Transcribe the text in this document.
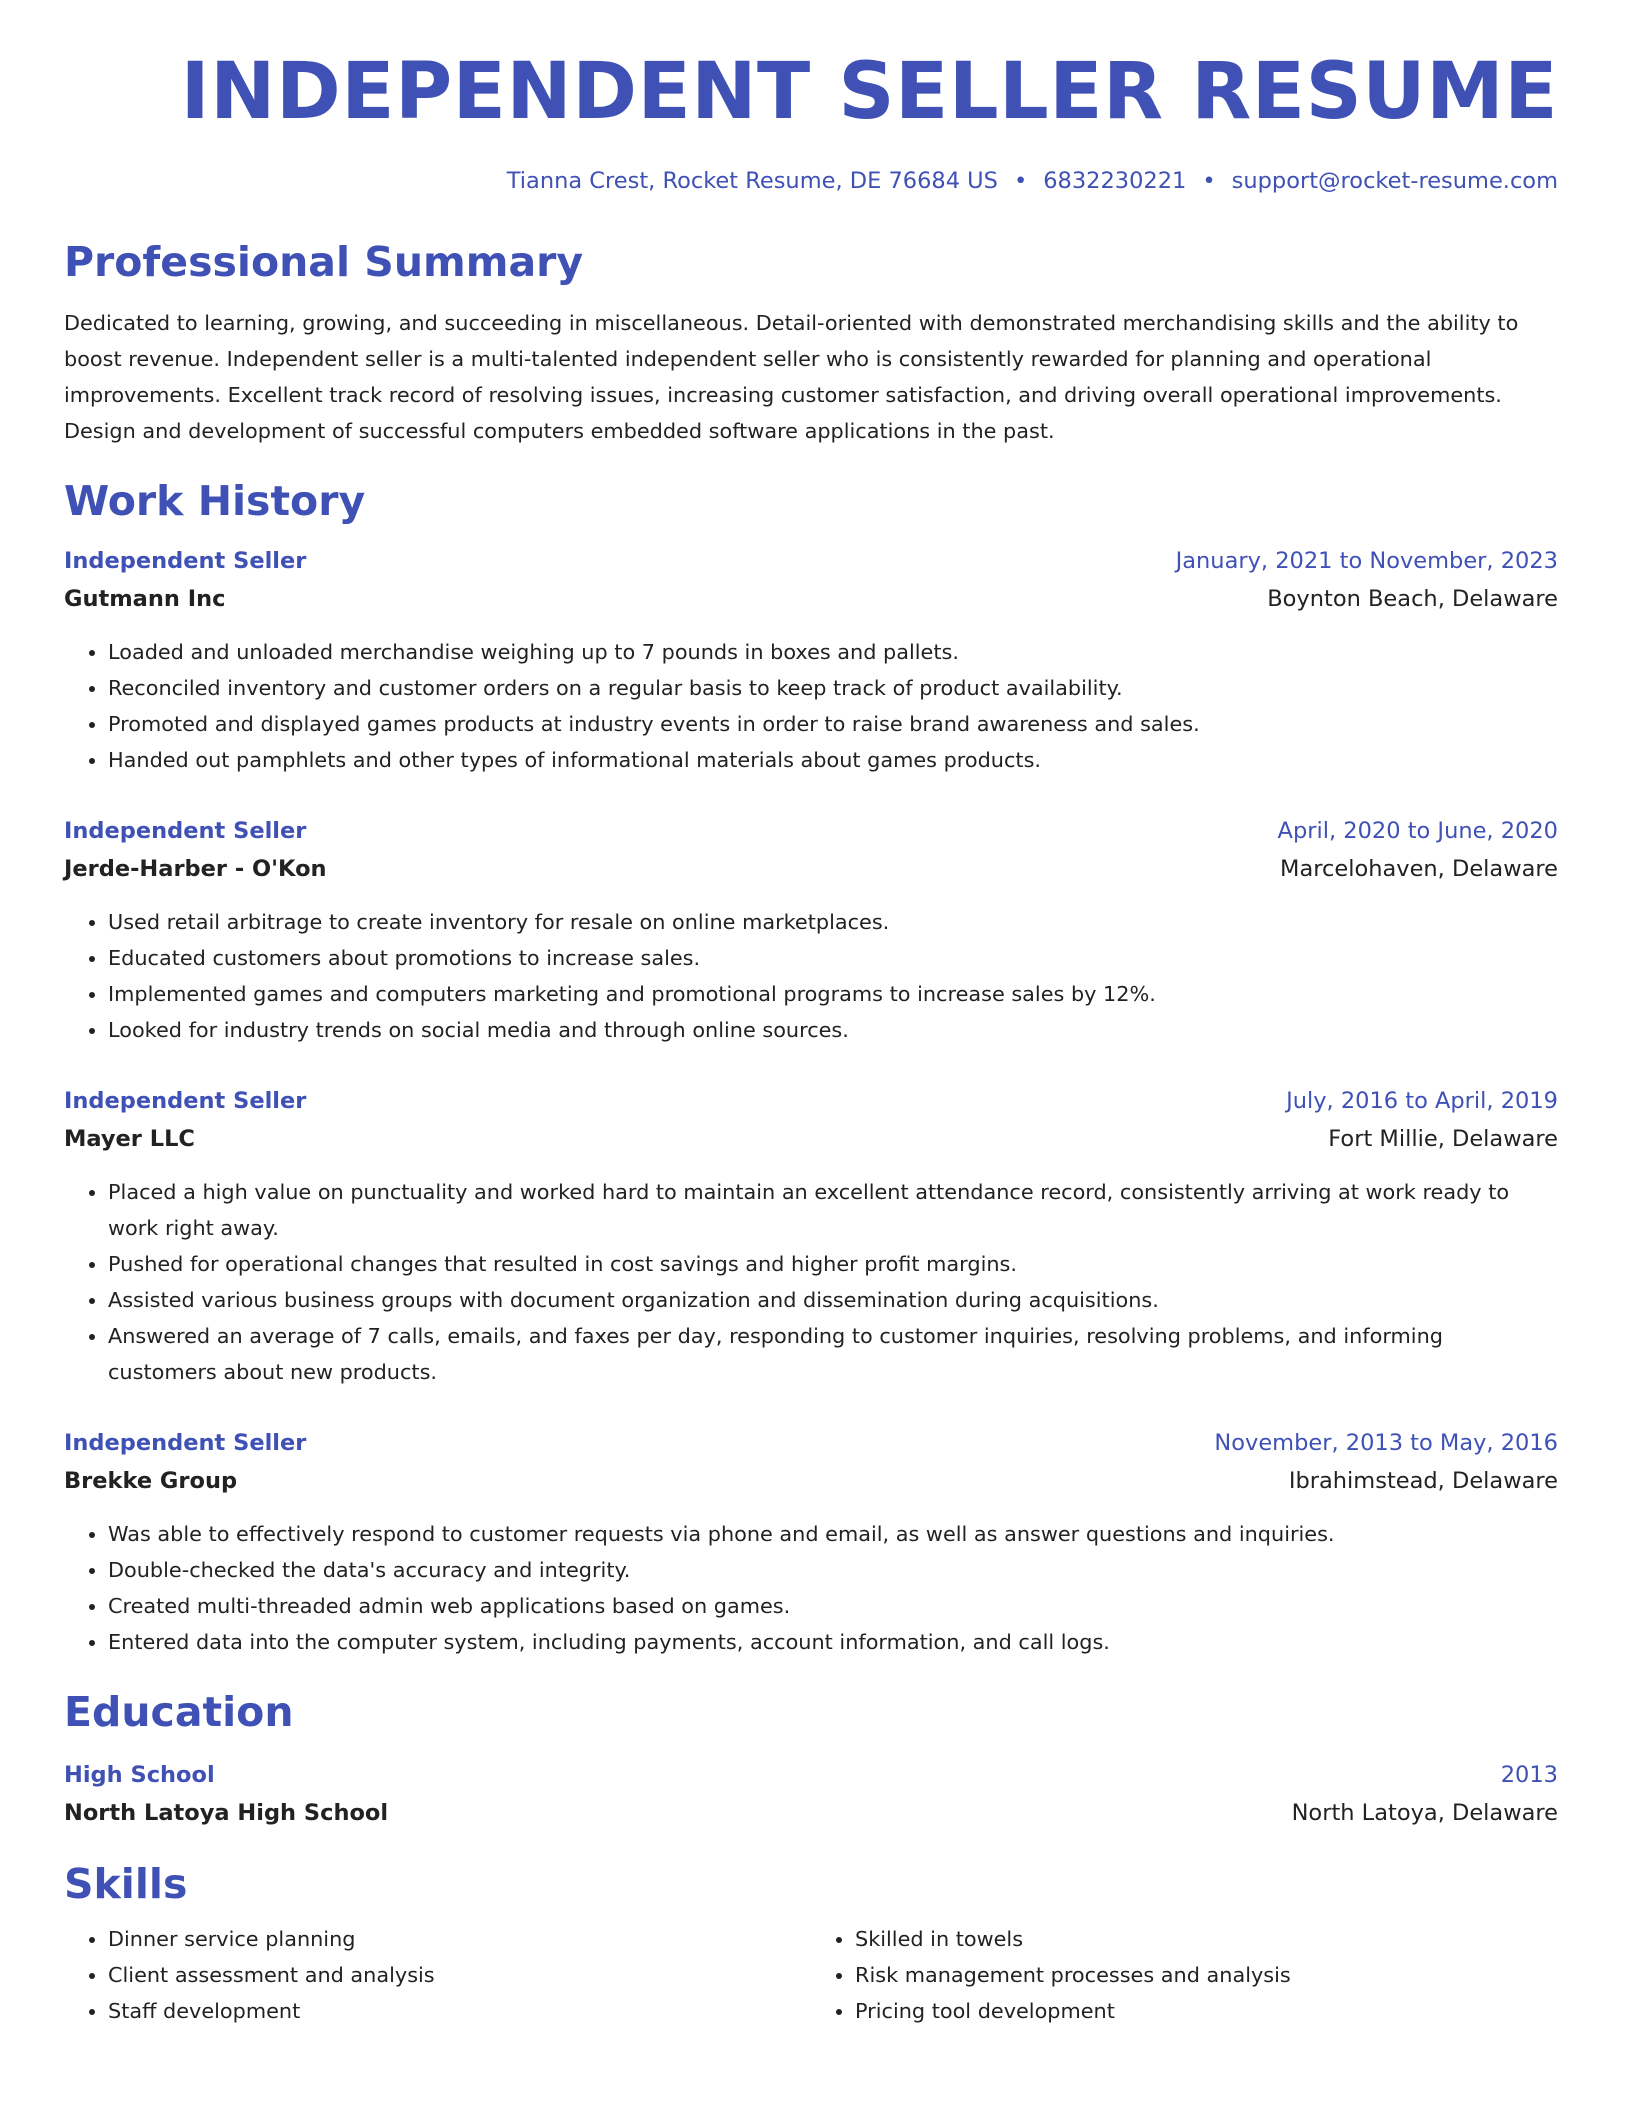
INDEPENDENT SELLER RESUME
Tianna Crest, Rocket Resume, DE 76684 US • 6832230221 • support@rocket-resume.com
Professional Summary
Dedicated to learning, growing, and succeeding in miscellaneous. Detail-oriented with demonstrated merchandising skills and the ability to boost revenue. Independent seller is a multi-talented independent seller who is consistently rewarded for planning and operational improvements. Excellent track record of resolving issues, increasing customer satisfaction, and driving overall operational improvements. Design and development of successful computers embedded software applications in the past.
Work History
Independent Seller	January, 2021 to November, 2023
Gutmann Inc	Boynton Beach, Delaware
• Loaded and unloaded merchandise weighing up to 7 pounds in boxes and pallets.
• Reconciled inventory and customer orders on a regular basis to keep track of product availability.
• Promoted and displayed games products at industry events in order to raise brand awareness and sales.
• Handed out pamphlets and other types of informational materials about games products.
Independent Seller	April, 2020 to June, 2020
Jerde-Harber - O'Kon	Marcelohaven, Delaware
• Used retail arbitrage to create inventory for resale on online marketplaces.
• Educated customers about promotions to increase sales.
• Implemented games and computers marketing and promotional programs to increase sales by 12%.
• Looked for industry trends on social media and through online sources.
Independent Seller	July, 2016 to April, 2019
Mayer LLC	Fort Millie, Delaware
• Placed a high value on punctuality and worked hard to maintain an excellent attendance record, consistently arriving at work ready to work right away.
• Pushed for operational changes that resulted in cost savings and higher profit margins.
• Assisted various business groups with document organization and dissemination during acquisitions.
• Answered an average of 7 calls, emails, and faxes per day, responding to customer inquiries, resolving problems, and informing customers about new products.
Independent Seller	November, 2013 to May, 2016
Brekke Group	Ibrahimstead, Delaware
• Was able to effectively respond to customer requests via phone and email, as well as answer questions and inquiries.
• Double-checked the data's accuracy and integrity.
• Created multi-threaded admin web applications based on games.
• Entered data into the computer system, including payments, account information, and call logs.
Education
High School	2013
North Latoya High School	North Latoya, Delaware
Skills
• Dinner service planning
• Client assessment and analysis
• Staff development
• Skilled in towels
• Risk management processes and analysis
• Pricing tool development
